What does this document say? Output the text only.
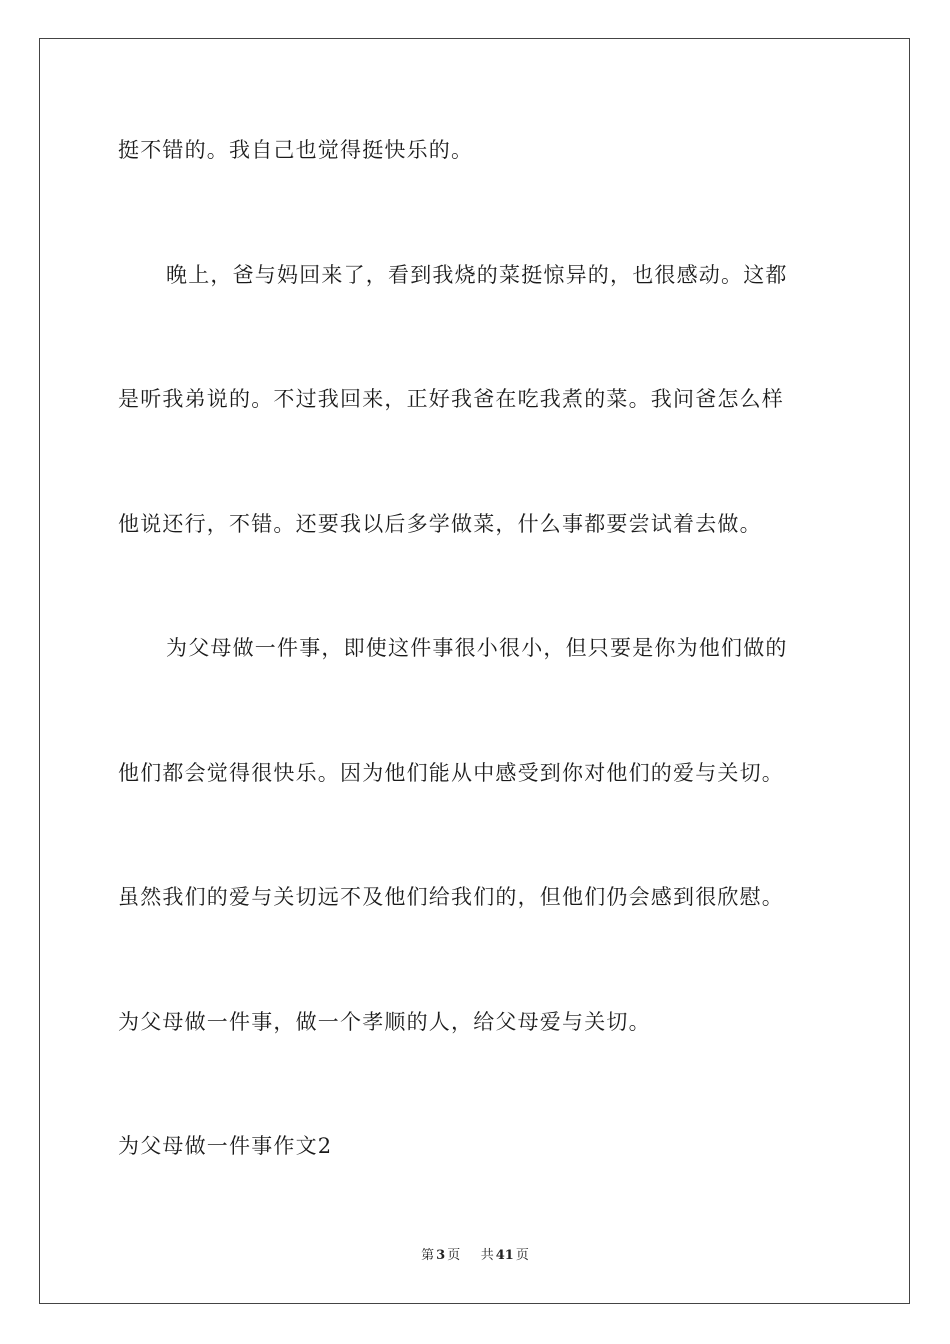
挺不错的。我自己也觉得挺快乐的。
晚上，爸与妈回来了，看到我烧的菜挺惊异的，也很感动。这都
是听我弟说的。不过我回来，正好我爸在吃我煮的菜。我问爸怎么样
他说还行，不错。还要我以后多学做菜，什么事都要尝试着去做。
为父母做一件事，即使这件事很小很小，但只要是你为他们做的
他们都会觉得很快乐。因为他们能从中感受到你对他们的爱与关切。
虽然我们的爱与关切远不及他们给我们的，但他们仍会感到很欣慰。
为父母做一件事，做一个孝顺的人，给父母爱与关切。
为父母做一件事作文2
第 3 页 共 41 页
